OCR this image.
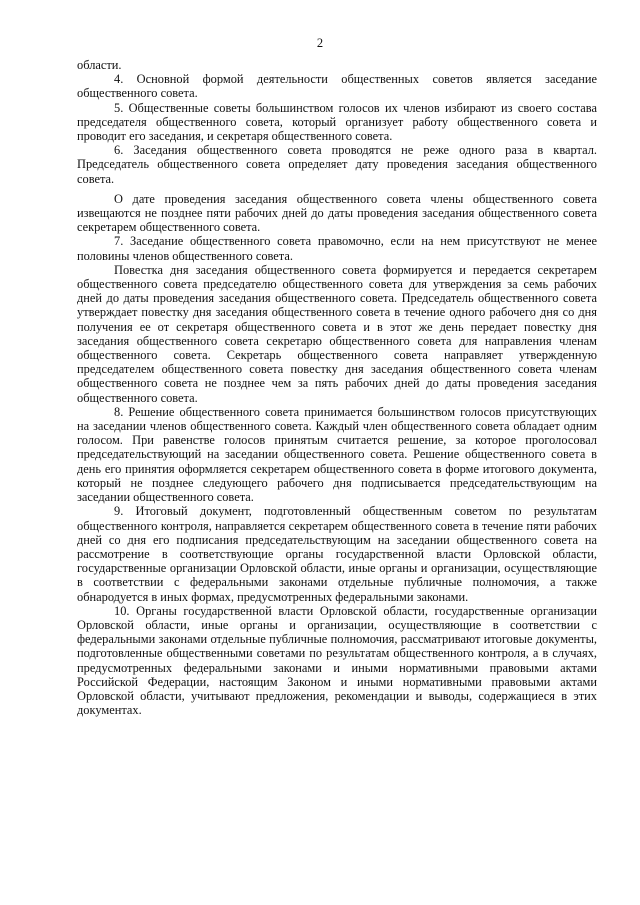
2

области.

4. Основной формой деятельности общественных советов является заседание общественного совета.

5. Общественные советы большинством голосов их членов избирают из своего состава председателя общественного совета, который организует работу общественного совета и проводит его заседания, и секретаря общественного совета.

6. Заседания общественного совета проводятся не реже одного раза в квартал. Председатель общественного совета определяет дату проведения заседания общественного совета.

О дате проведения заседания общественного совета члены общественного совета извещаются не позднее пяти рабочих дней до даты проведения заседания общественного совета секретарем общественного совета.

7. Заседание общественного совета правомочно, если на нем присутствуют не менее половины членов общественного совета.

Повестка дня заседания общественного совета формируется и передается секретарем общественного совета председателю общественного совета для утверждения за семь рабочих дней до даты проведения заседания общественного совета. Председатель общественного совета утверждает повестку дня заседания общественного совета в течение одного рабочего дня со дня получения ее от секретаря общественного совета и в этот же день передает повестку дня заседания общественного совета секретарю общественного совета для направления членам общественного совета. Секретарь общественного совета направляет утвержденную председателем общественного совета повестку дня заседания общественного совета членам общественного совета не позднее чем за пять рабочих дней до даты проведения заседания общественного совета.

8. Решение общественного совета принимается большинством голосов присутствующих на заседании членов общественного совета. Каждый член общественного совета обладает одним голосом. При равенстве голосов принятым считается решение, за которое проголосовал председательствующий на заседании общественного совета. Решение общественного совета в день его принятия оформляется секретарем общественного совета в форме итогового документа, который не позднее следующего рабочего дня подписывается председательствующим на заседании общественного совета.

9. Итоговый документ, подготовленный общественным советом по результатам общественного контроля, направляется секретарем общественного совета в течение пяти рабочих дней со дня его подписания председательствующим на заседании общественного совета на рассмотрение в соответствующие органы государственной власти Орловской области, государственные организации Орловской области, иные органы и организации, осуществляющие в соответствии с федеральными законами отдельные публичные полномочия, а также обнародуется в иных формах, предусмотренных федеральными законами.

10. Органы государственной власти Орловской области, государственные организации Орловской области, иные органы и организации, осуществляющие в соответствии с федеральными законами отдельные публичные полномочия, рассматривают итоговые документы, подготовленные общественными советами по результатам общественного контроля, а в случаях, предусмотренных федеральными законами и иными нормативными правовыми актами Российской Федерации, настоящим Законом и иными нормативными правовыми актами Орловской области, учитывают предложения, рекомендации и выводы, содержащиеся в этих документах.
